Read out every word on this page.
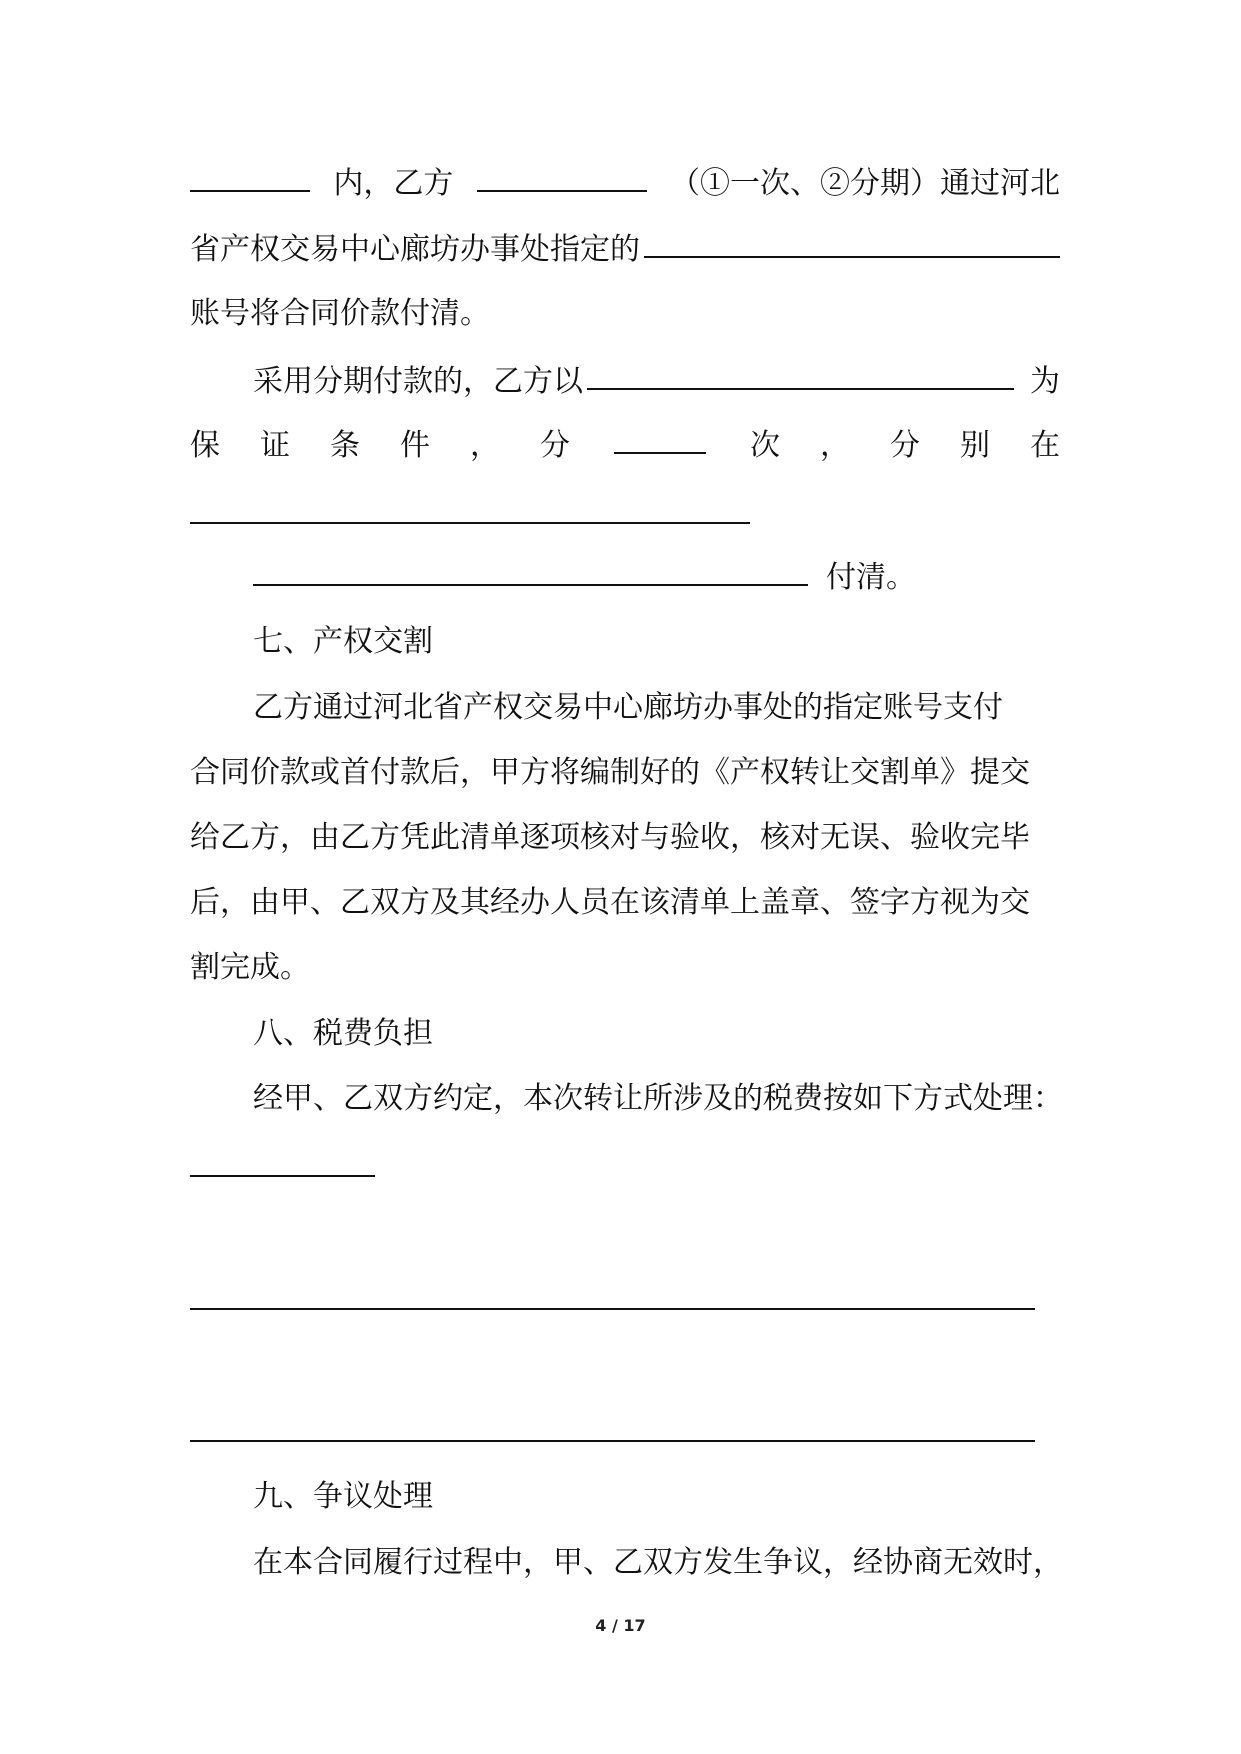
内，乙方	（①一次、②分期）通过河北
省产权交易中心廊坊办事处指定的
账号将合同价款付清。
采用分期付款的，乙方以	为
保 证 条 件 ， 分	次 ， 分 别 在
付清。
七、产权交割
乙方通过河北省产权交易中心廊坊办事处的指定账号支付
合同价款或首付款后，甲方将编制好的《产权转让交割单》提交
给乙方，由乙方凭此清单逐项核对与验收，核对无误、验收完毕
后，由甲、乙双方及其经办人员在该清单上盖章、签字方视为交
割完成。
八、税费负担
经甲、乙双方约定，本次转让所涉及的税费按如下方式处理：
九、争议处理
在本合同履行过程中，甲、乙双方发生争议，经协商无效时，
4 / 17
